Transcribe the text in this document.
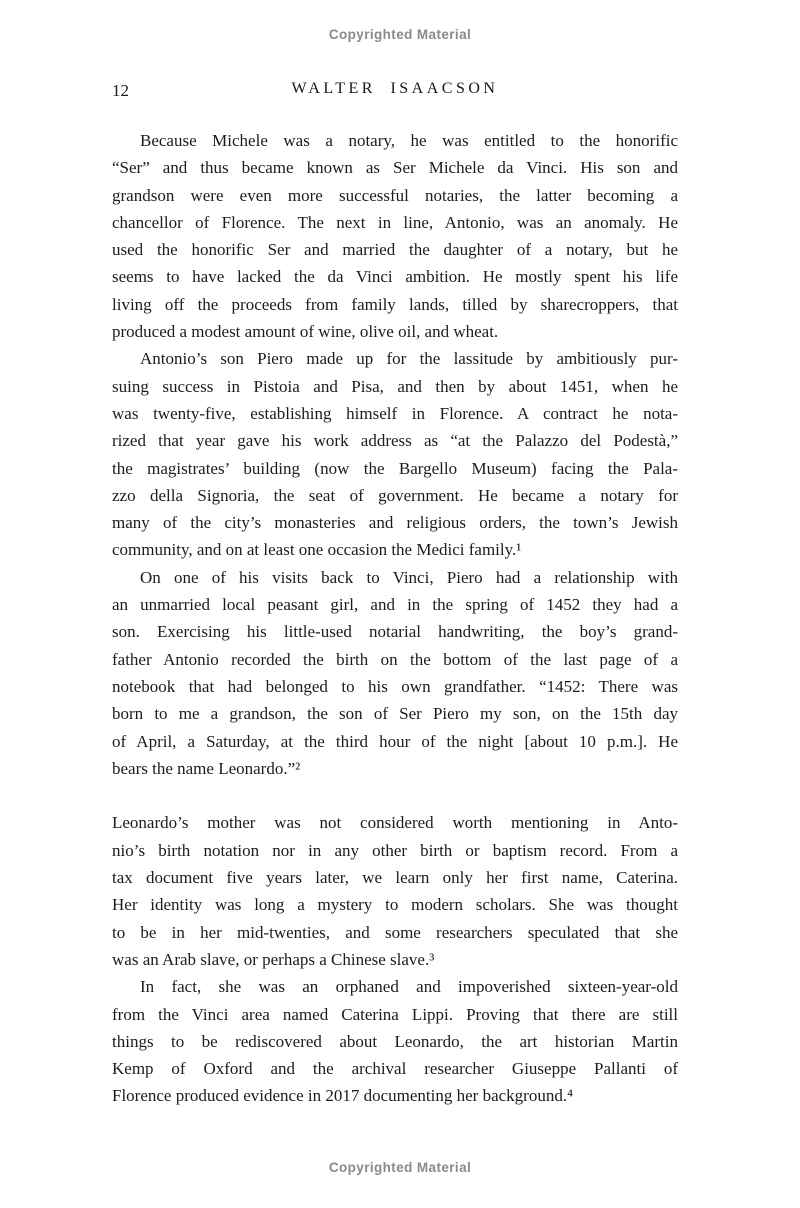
Copyrighted Material
12	WALTER ISAACSON
Because Michele was a notary, he was entitled to the honorific
“Ser” and thus became known as Ser Michele da Vinci. His son and
grandson were even more successful notaries, the latter becoming a
chancellor of Florence. The next in line, Antonio, was an anomaly. He
used the honorific Ser and married the daughter of a notary, but he
seems to have lacked the da Vinci ambition. He mostly spent his life
living off the proceeds from family lands, tilled by sharecroppers, that
produced a modest amount of wine, olive oil, and wheat.
Antonio’s son Piero made up for the lassitude by ambitiously pur-
suing success in Pistoia and Pisa, and then by about 1451, when he
was twenty-five, establishing himself in Florence. A contract he nota-
rized that year gave his work address as “at the Palazzo del Podestà,”
the magistrates’ building (now the Bargello Museum) facing the Pala-
zzo della Signoria, the seat of government. He became a notary for
many of the city’s monasteries and religious orders, the town’s Jewish
community, and on at least one occasion the Medici family.¹
On one of his visits back to Vinci, Piero had a relationship with
an unmarried local peasant girl, and in the spring of 1452 they had a
son. Exercising his little-used notarial handwriting, the boy’s grand-
father Antonio recorded the birth on the bottom of the last page of a
notebook that had belonged to his own grandfather. “1452: There was
born to me a grandson, the son of Ser Piero my son, on the 15th day
of April, a Saturday, at the third hour of the night [about 10 p.m.]. He
bears the name Leonardo.”²
Leonardo’s mother was not considered worth mentioning in Anto-
nio’s birth notation nor in any other birth or baptism record. From a
tax document five years later, we learn only her first name, Caterina.
Her identity was long a mystery to modern scholars. She was thought
to be in her mid-twenties, and some researchers speculated that she
was an Arab slave, or perhaps a Chinese slave.³
In fact, she was an orphaned and impoverished sixteen-year-old
from the Vinci area named Caterina Lippi. Proving that there are still
things to be rediscovered about Leonardo, the art historian Martin
Kemp of Oxford and the archival researcher Giuseppe Pallanti of
Florence produced evidence in 2017 documenting her background.⁴
Copyrighted Material
